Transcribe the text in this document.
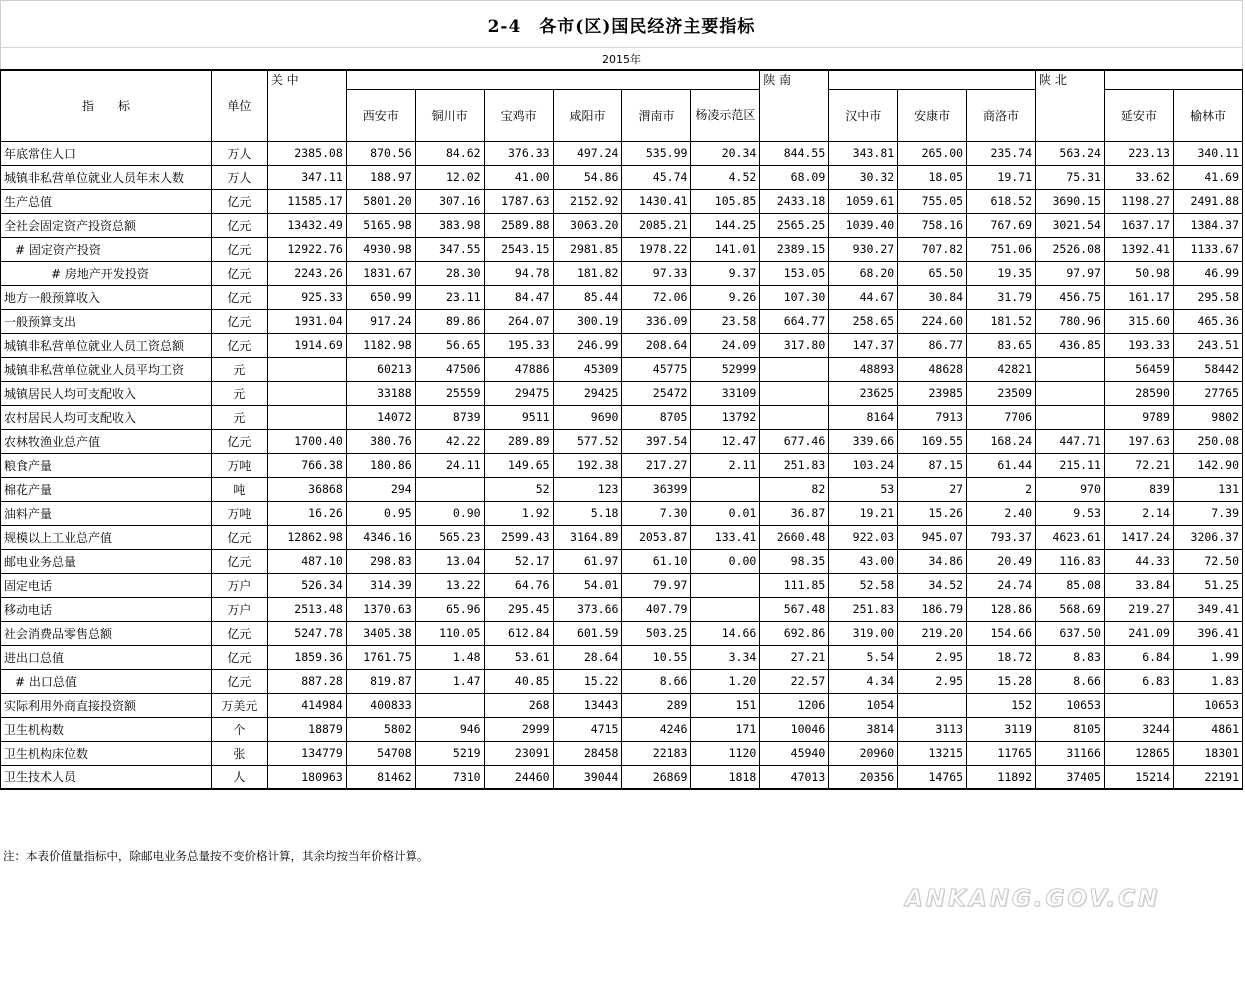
2-4　各市(区)国民经济主要指标
2015年
指　　标	单位	关 中							陕 南				陕 北		
			西安市	铜川市	宝鸡市	咸阳市	渭南市	杨凌示范区		汉中市	安康市	商洛市		延安市	榆林市
年底常住人口	万人	2385.08	870.56	84.62	376.33	497.24	535.99	20.34	844.55	343.81	265.00	235.74	563.24	223.13	340.11
城镇非私营单位就业人员年末人数	万人	347.11	188.97	12.02	41.00	54.86	45.74	4.52	68.09	30.32	18.05	19.71	75.31	33.62	41.69
生产总值	亿元	11585.17	5801.20	307.16	1787.63	2152.92	1430.41	105.85	2433.18	1059.61	755.05	618.52	3690.15	1198.27	2491.88
全社会固定资产投资总额	亿元	13432.49	5165.98	383.98	2589.88	3063.20	2085.21	144.25	2565.25	1039.40	758.16	767.69	3021.54	1637.17	1384.37
# 固定资产投资	亿元	12922.76	4930.98	347.55	2543.15	2981.85	1978.22	141.01	2389.15	930.27	707.82	751.06	2526.08	1392.41	1133.67
# 房地产开发投资	亿元	2243.26	1831.67	28.30	94.78	181.82	97.33	9.37	153.05	68.20	65.50	19.35	97.97	50.98	46.99
地方一般预算收入	亿元	925.33	650.99	23.11	84.47	85.44	72.06	9.26	107.30	44.67	30.84	31.79	456.75	161.17	295.58
一般预算支出	亿元	1931.04	917.24	89.86	264.07	300.19	336.09	23.58	664.77	258.65	224.60	181.52	780.96	315.60	465.36
城镇非私营单位就业人员工资总额	亿元	1914.69	1182.98	56.65	195.33	246.99	208.64	24.09	317.80	147.37	86.77	83.65	436.85	193.33	243.51
城镇非私营单位就业人员平均工资	元		60213	47506	47886	45309	45775	52999		48893	48628	42821		56459	58442
城镇居民人均可支配收入	元		33188	25559	29475	29425	25472	33109		23625	23985	23509		28590	27765
农村居民人均可支配收入	元		14072	8739	9511	9690	8705	13792		8164	7913	7706		9789	9802
农林牧渔业总产值	亿元	1700.40	380.76	42.22	289.89	577.52	397.54	12.47	677.46	339.66	169.55	168.24	447.71	197.63	250.08
粮食产量	万吨	766.38	180.86	24.11	149.65	192.38	217.27	2.11	251.83	103.24	87.15	61.44	215.11	72.21	142.90
棉花产量	吨	36868	294		52	123	36399		82	53	27	2	970	839	131
油料产量	万吨	16.26	0.95	0.90	1.92	5.18	7.30	0.01	36.87	19.21	15.26	2.40	9.53	2.14	7.39
规模以上工业总产值	亿元	12862.98	4346.16	565.23	2599.43	3164.89	2053.87	133.41	2660.48	922.03	945.07	793.37	4623.61	1417.24	3206.37
邮电业务总量	亿元	487.10	298.83	13.04	52.17	61.97	61.10	0.00	98.35	43.00	34.86	20.49	116.83	44.33	72.50
固定电话	万户	526.34	314.39	13.22	64.76	54.01	79.97		111.85	52.58	34.52	24.74	85.08	33.84	51.25
移动电话	万户	2513.48	1370.63	65.96	295.45	373.66	407.79		567.48	251.83	186.79	128.86	568.69	219.27	349.41
社会消费品零售总额	亿元	5247.78	3405.38	110.05	612.84	601.59	503.25	14.66	692.86	319.00	219.20	154.66	637.50	241.09	396.41
进出口总值	亿元	1859.36	1761.75	1.48	53.61	28.64	10.55	3.34	27.21	5.54	2.95	18.72	8.83	6.84	1.99
# 出口总值	亿元	887.28	819.87	1.47	40.85	15.22	8.66	1.20	22.57	4.34	2.95	15.28	8.66	6.83	1.83
实际利用外商直接投资额	万美元	414984	400833		268	13443	289	151	1206	1054		152	10653		10653
卫生机构数	个	18879	5802	946	2999	4715	4246	171	10046	3814	3113	3119	8105	3244	4861
卫生机构床位数	张	134779	54708	5219	23091	28458	22183	1120	45940	20960	13215	11765	31166	12865	18301
卫生技术人员	人	180963	81462	7310	24460	39044	26869	1818	47013	20356	14765	11892	37405	15214	22191
注：本表价值量指标中，除邮电业务总量按不变价格计算，其余均按当年价格计算。
ANKANG.GOV.CN
